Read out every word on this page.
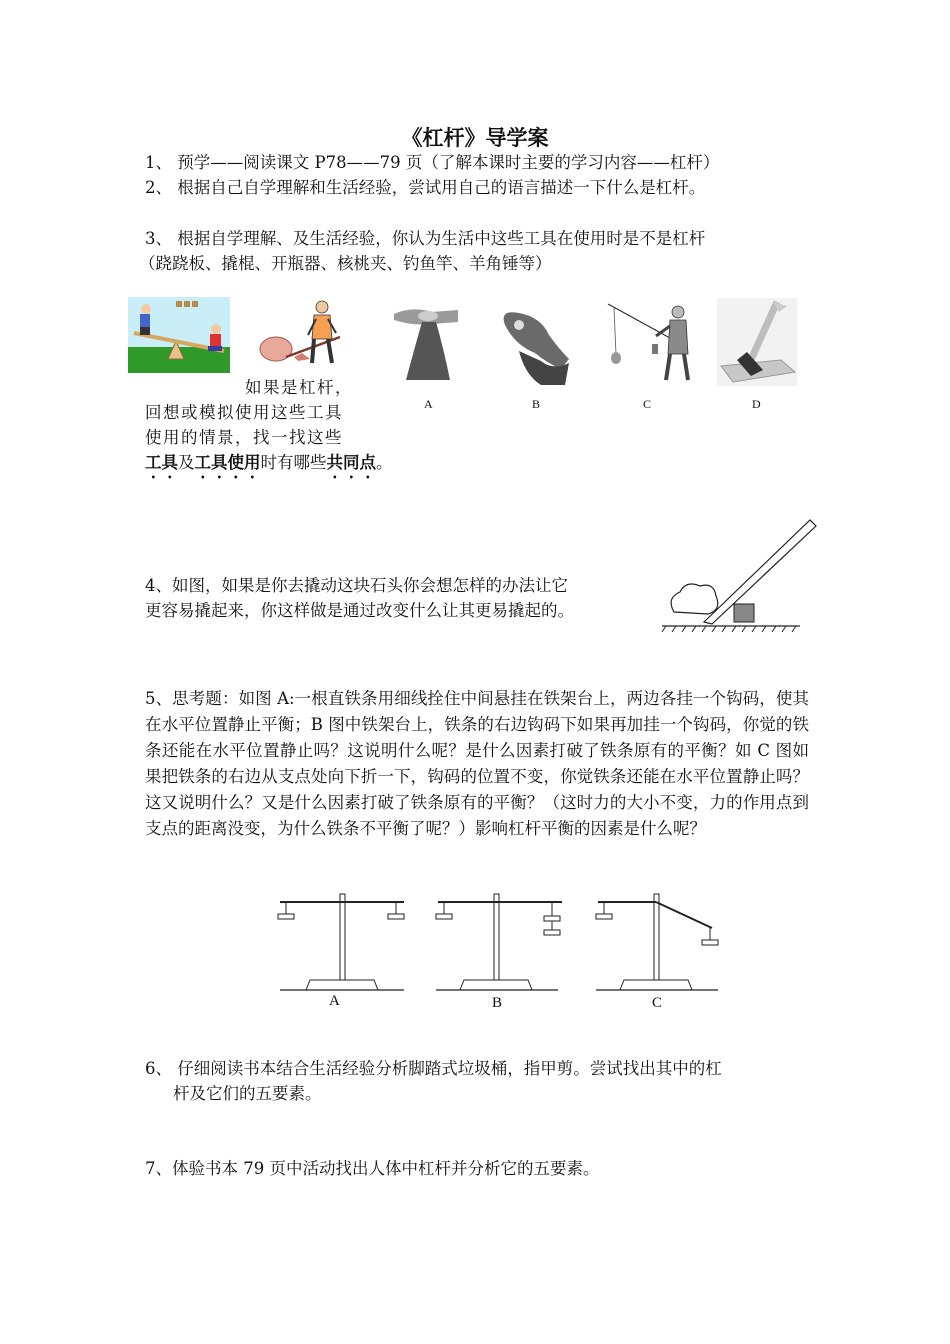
《杠杆》导学案
1、 预学——阅读课文 P78——79 页（了解本课时主要的学习内容——杠杆）
2、 根据自己自学理解和生活经验，尝试用自己的语言描述一下什么是杠杆。
3、 根据自学理解、及生活经验，你认为生活中这些工具在使用时是不是杠杆
（跷跷板、撬棍、开瓶器、核桃夹、钓鱼竿、羊角锤等）
A	B	C	D
如果是杠杆，
回想或模拟使用这些工具
使用的情景，找一找这些
工具及工具使用时有哪些共同点。
4、如图，如果是你去撬动这块石头你会想怎样的办法让它
更容易撬起来，你这样做是通过改变什么让其更易撬起的。
5、思考题：如图 A:一根直铁条用细线拴住中间悬挂在铁架台上，两边各挂一个钩码，使其在水平位置静止平衡；B 图中铁架台上，铁条的右边钩码下如果再加挂一个钩码，你觉的铁条还能在水平位置静止吗？这说明什么呢？是什么因素打破了铁条原有的平衡？如 C 图如果把铁条的右边从支点处向下折一下，钩码的位置不变，你觉铁条还能在水平位置静止吗？这又说明什么？又是什么因素打破了铁条原有的平衡？（这时力的大小不变，力的作用点到支点的距离没变，为什么铁条不平衡了呢？）影响杠杆平衡的因素是什么呢？
A	B	C
6、 仔细阅读书本结合生活经验分析脚踏式垃圾桶，指甲剪。尝试找出其中的杠
杆及它们的五要素。
7、体验书本 79 页中活动找出人体中杠杆并分析它的五要素。
